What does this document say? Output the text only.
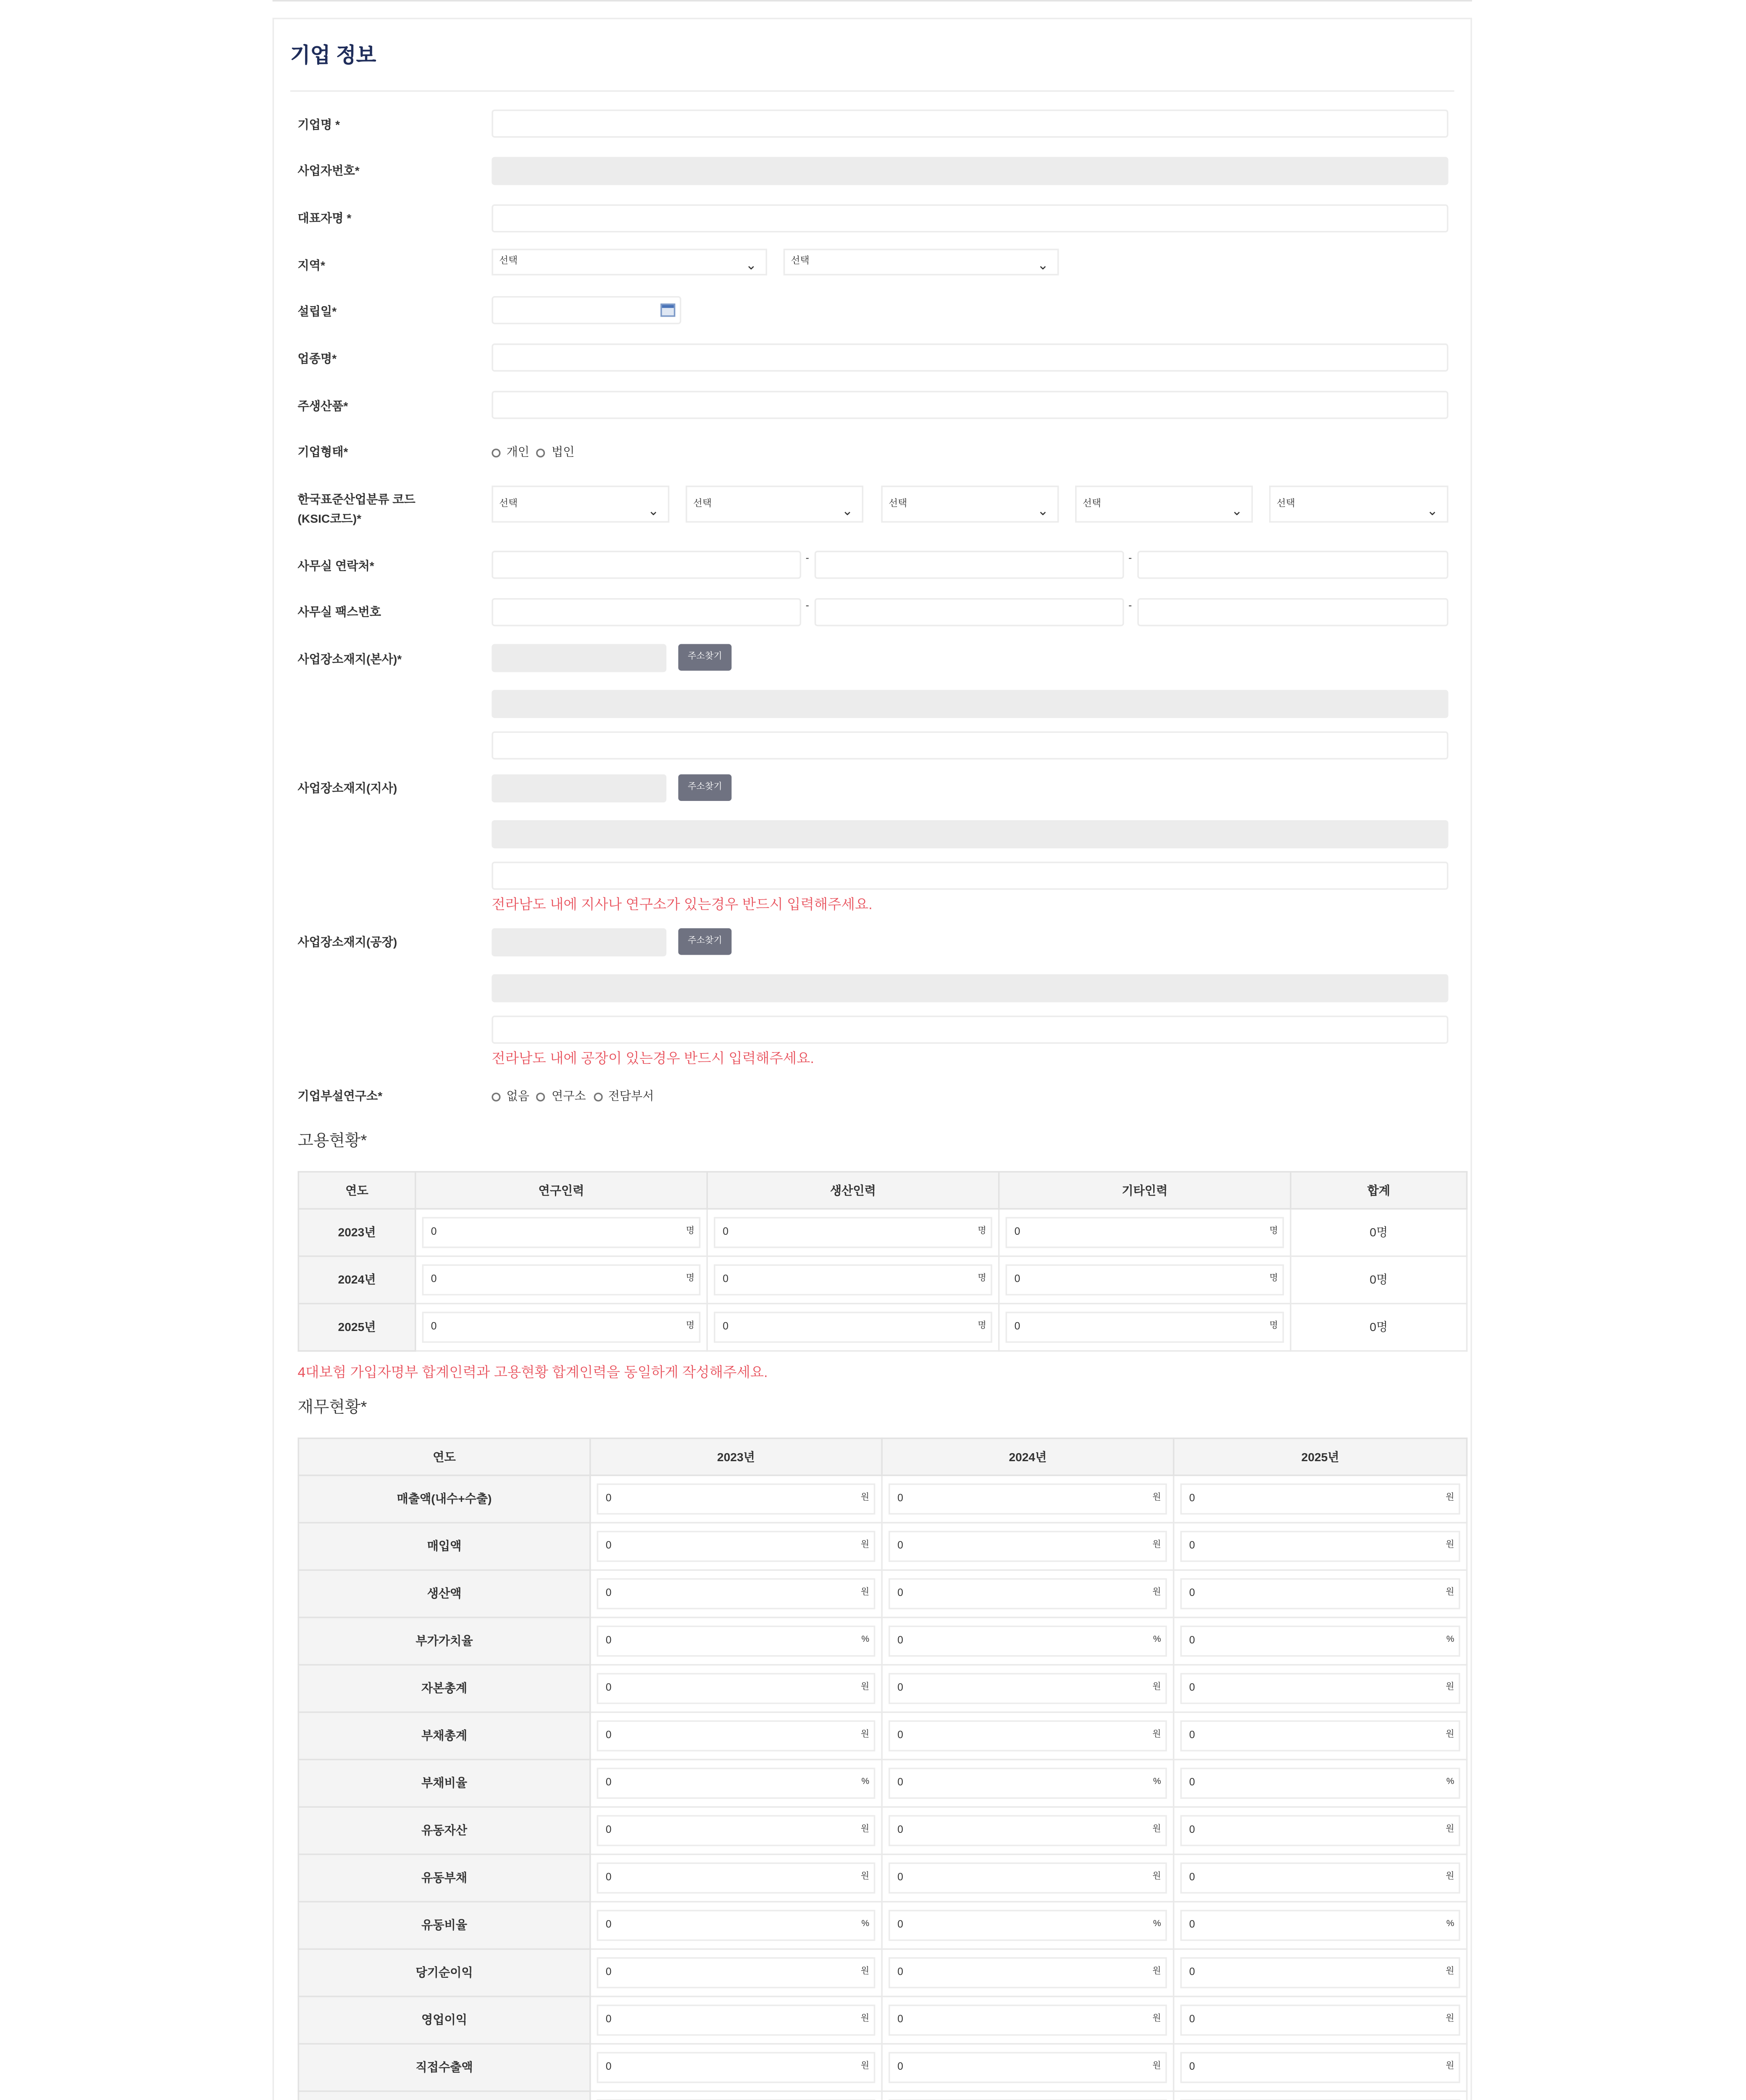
기업 정보
기업명 *
사업자번호*
대표자명 *
지역*	선택	⌄	선택	⌄
설립일*
업종명*
주생산품*
기업형태*	개인	법인
한국표준산업분류 코드
(KSIC코드)*
선택	⌄	선택	⌄	선택	⌄	선택	⌄	선택	⌄
사무실 연락처*
-	-
사무실 팩스번호	-	-
사업장소재지(본사)*	주소찾기
사업장소재지(지사)	주소찾기
전라남도 내에 지사나 연구소가 있는경우 반드시 입력해주세요.
사업장소재지(공장)	주소찾기
전라남도 내에 공장이 있는경우 반드시 입력해주세요.
기업부설연구소*	없음	연구소	전담부서
고용현황*
연도	연구인력	생산인력	기타인력	합계
2023년	0 명	0 명	0 명	0명
2024년	0 명	0 명	0 명	0명
2025년	0 명	0 명	0 명	0명
4대보험 가입자명부 합계인력과 고용현황 합계인력을 동일하게 작성해주세요.
재무현황*
연도	2023년	2024년	2025년
매출액(내수+수출)	0 원	0 원	0 원

매입액	0 원	0 원	0 원

생산액	0 원	0 원	0 원

부가가치율	0 %	0 %	0 %

자본총계	0 원	0 원	0 원

부채총계	0 원	0 원	0 원

부채비율	0 %	0 %	0 %

유동자산	0 원	0 원	0 원

유동부채	0 원	0 원	0 원

유동비율	0 %	0 %	0 %

당기순이익	0 원	0 원	0 원

영업이익	0 원	0 원	0 원

직접수출액	0 원	0 원	0 원
